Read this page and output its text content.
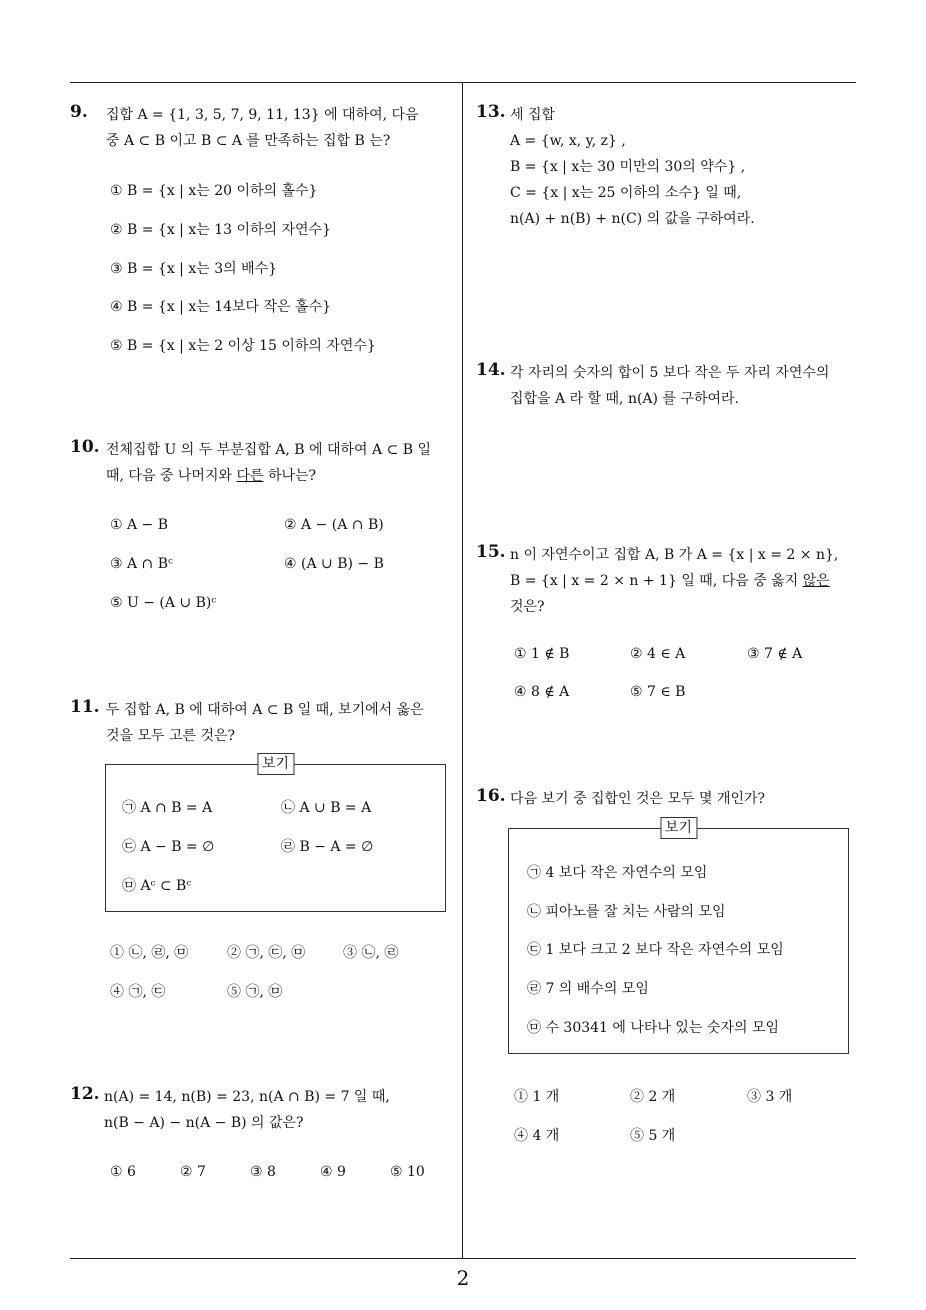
9. 집합 A = {1, 3, 5, 7, 9, 11, 13} 에 대하여, 다음
중 A ⊂ B 이고 B ⊂ A 를 만족하는 집합 B 는?
① B = {x | x는 20 이하의 홀수}
② B = {x | x는 13 이하의 자연수}
③ B = {x | x는 3의 배수}
④ B = {x | x는 14보다 작은 홀수}
⑤ B = {x | x는 2 이상 15 이하의 자연수}
10. 전체집합 U 의 두 부분집합 A, B 에 대하여 A ⊂ B 일
때, 다음 중 나머지와 다른 하나는?
① A − B	② A − (A ∩ B)
③ A ∩ Bᶜ	④ (A ∪ B) − B
⑤ U − (A ∪ B)ᶜ
11. 두 집합 A, B 에 대하여 A ⊂ B 일 때, 보기에서 옳은
것을 모두 고른 것은?
보기
㉠ A ∩ B = A	㉡ A ∪ B = A
㉢ A − B = ∅	㉣ B − A = ∅
㉤ Aᶜ ⊂ Bᶜ
① ㉡, ㉣, ㉤	② ㉠, ㉢, ㉤	③ ㉡, ㉣
④ ㉠, ㉢	⑤ ㉠, ㉤
12. n(A) = 14, n(B) = 23, n(A ∩ B) = 7 일 때,
n(B − A) − n(A − B) 의 값은?
① 6	② 7	③ 8	④ 9	⑤ 10
13. 세 집합
A = {w, x, y, z} ,
B = {x | x는 30 미만의 30의 약수} ,
C = {x | x는 25 이하의 소수} 일 때,
n(A) + n(B) + n(C) 의 값을 구하여라.
14. 각 자리의 숫자의 합이 5 보다 작은 두 자리 자연수의
집합을 A 라 할 때, n(A) 를 구하여라.
15. n 이 자연수이고 집합 A, B 가 A = {x | x = 2 × n},
B = {x | x = 2 × n + 1} 일 때, 다음 중 옳지 않은
것은?
① 1 ∉ B	② 4 ∈ A	③ 7 ∉ A
④ 8 ∉ A	⑤ 7 ∈ B
16. 다음 보기 중 집합인 것은 모두 몇 개인가?
보기
㉠ 4 보다 작은 자연수의 모임
㉡ 피아노를 잘 치는 사람의 모임
㉢ 1 보다 크고 2 보다 작은 자연수의 모임
㉣ 7 의 배수의 모임
㉤ 수 30341 에 나타나 있는 숫자의 모임
① 1 개	② 2 개	③ 3 개
④ 4 개	⑤ 5 개
2
